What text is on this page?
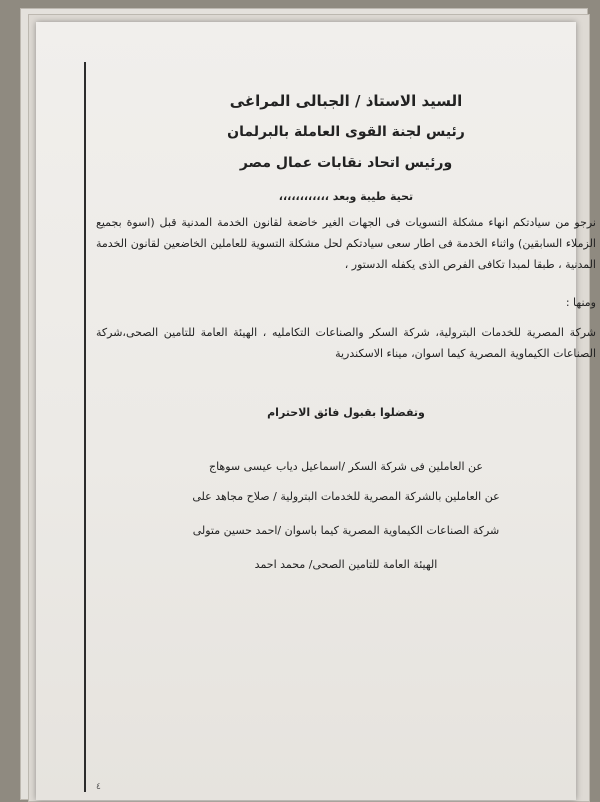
السيد الاستاذ / الجبالى المراغى
رئيس لجنة القوى العاملة بالبرلمان
ورئيس اتحاد نقابات عمال مصر
تحية طيبة وبعد ،،،،،،،،،،،،
نرجو من سيادتكم انهاء مشكلة التسويات فى الجهات الغير خاضعة لقانون الخدمة المدنية قبل (اسوة بجميع الزملاء السابقين) واثناء الخدمة فى اطار سعى سيادتكم لحل مشكلة التسوية للعاملين الخاضعين لقانون الخدمة المدنية ، طبقا لمبدا تكافى الفرص الذى يكفله الدستور ،
ومنها :
شركة المصرية للخدمات البترولية، شركة السكر والصناعات التكامليه ، الهيئة العامة للتامين الصحى،شركة الصناعات الكيماوية المصرية كيما اسوان، ميناء الاسكندرية
وتفضلوا بقبول فائق الاحترام
عن العاملين فى شركة السكر /اسماعيل دياب عيسى سوهاج
عن العاملين بالشركة المصرية للخدمات البترولية / صلاح مجاهد على
شركة الصناعات الكيماوية المصرية كيما باسوان /احمد حسين متولى
الهيئة العامة للتامين الصحى/ محمد احمد
٤
